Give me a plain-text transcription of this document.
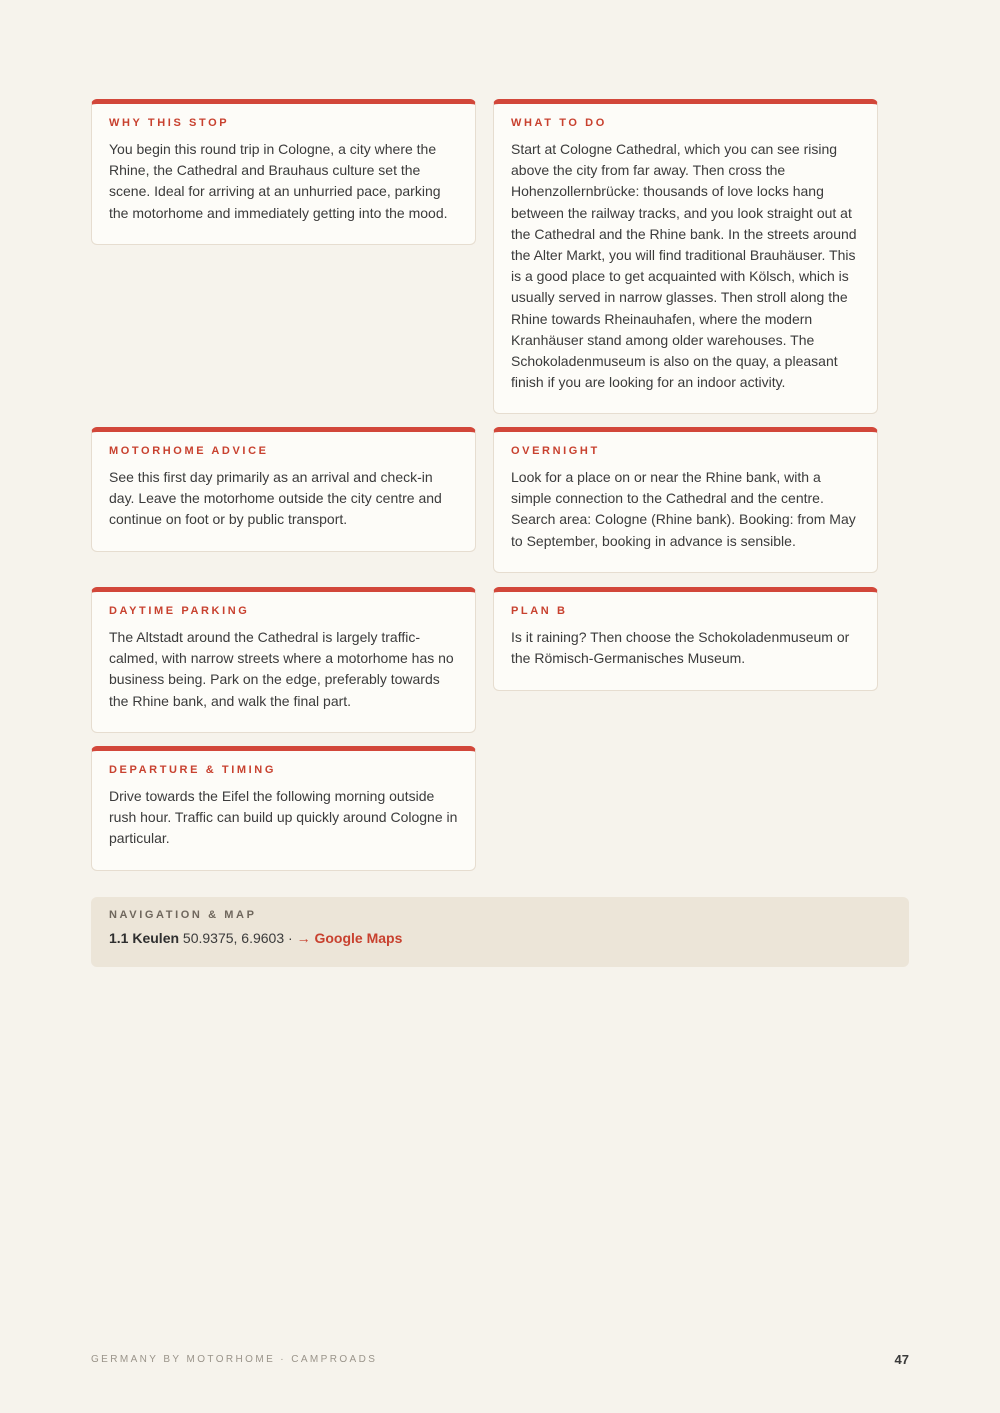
WHY THIS STOP

You begin this round trip in Cologne, a city where the Rhine, the Cathedral and Brauhaus culture set the scene. Ideal for arriving at an unhurried pace, parking the motorhome and immediately getting into the mood.

WHAT TO DO

Start at Cologne Cathedral, which you can see rising above the city from far away. Then cross the Hohenzollernbrücke: thousands of love locks hang between the railway tracks, and you look straight out at the Cathedral and the Rhine bank. In the streets around the Alter Markt, you will find traditional Brauhäuser. This is a good place to get acquainted with Kölsch, which is usually served in narrow glasses. Then stroll along the Rhine towards Rheinauhafen, where the modern Kranhäuser stand among older warehouses. The Schokoladenmuseum is also on the quay, a pleasant finish if you are looking for an indoor activity.

MOTORHOME ADVICE

See this first day primarily as an arrival and check-in day. Leave the motorhome outside the city centre and continue on foot or by public transport.

OVERNIGHT

Look for a place on or near the Rhine bank, with a simple connection to the Cathedral and the centre. Search area: Cologne (Rhine bank). Booking: from May to September, booking in advance is sensible.

DAYTIME PARKING

The Altstadt around the Cathedral is largely traffic-calmed, with narrow streets where a motorhome has no business being. Park on the edge, preferably towards the Rhine bank, and walk the final part.

PLAN B

Is it raining? Then choose the Schokoladenmuseum or the Römisch-Germanisches Museum.

DEPARTURE & TIMING

Drive towards the Eifel the following morning outside rush hour. Traffic can build up quickly around Cologne in particular.

NAVIGATION & MAP
1.1 Keulen 50.9375, 6.9603 · → Google Maps
GERMANY BY MOTORHOME · CAMPROADS	47
